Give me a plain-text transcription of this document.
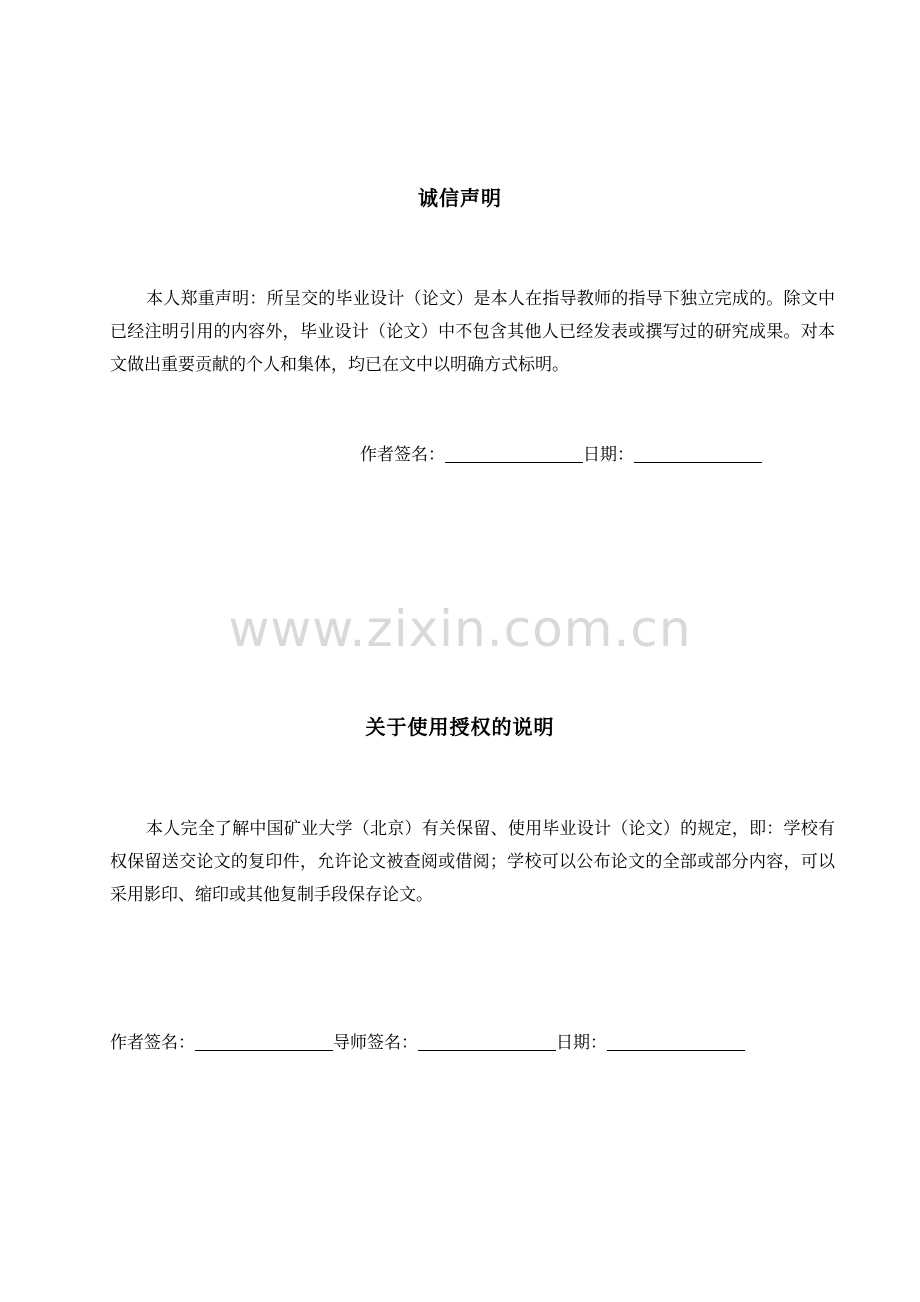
诚信声明
本人郑重声明：所呈交的毕业设计（论文）是本人在指导教师的指导下独立完成的。除文中已经注明引用的内容外，毕业设计（论文）中不包含其他人已经发表或撰写过的研究成果。对本文做出重要贡献的个人和集体，均已在文中以明确方式标明。
作者签名：	日期：
www.zixin.com.cn
关于使用授权的说明
本人完全了解中国矿业大学（北京）有关保留、使用毕业设计（论文）的规定，即：学校有权保留送交论文的复印件，允许论文被查阅或借阅；学校可以公布论文的全部或部分内容，可以采用影印、缩印或其他复制手段保存论文。
作者签名：	导师签名：	日期：
